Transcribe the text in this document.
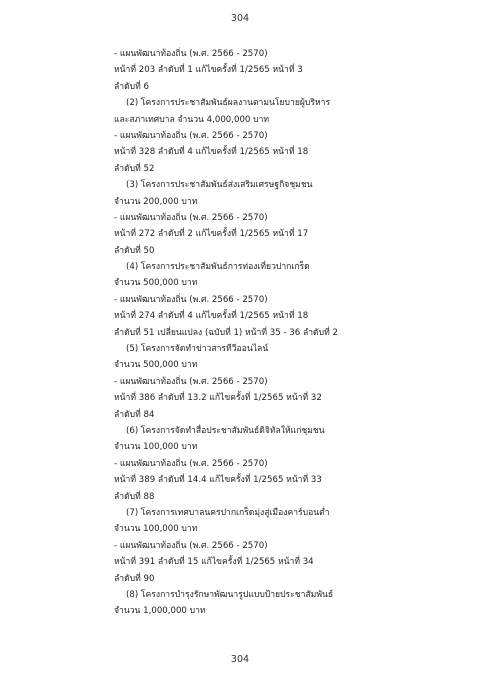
304
- แผนพัฒนาท้องถิ่น (พ.ศ. 2566 - 2570)
หน้าที่ 203 ลำดับที่ 1 แก้ไขครั้งที่ 1/2565 หน้าที่ 3
ลำดับที่ 6
(2) โครงการประชาสัมพันธ์ผลงานตามนโยบายผู้บริหาร
และสภาเทศบาล จำนวน 4,000,000 บาท
- แผนพัฒนาท้องถิ่น (พ.ศ. 2566 - 2570)
หน้าที่ 328 ลำดับที่ 4 แก้ไขครั้งที่ 1/2565 หน้าที่ 18
ลำดับที่ 52
(3) โครงการประชาสัมพันธ์ส่งเสริมเศรษฐกิจชุมชน
จำนวน 200,000 บาท
- แผนพัฒนาท้องถิ่น (พ.ศ. 2566 - 2570)
หน้าที่ 272 ลำดับที่ 2 แก้ไขครั้งที่ 1/2565 หน้าที่ 17
ลำดับที่ 50
(4) โครงการประชาสัมพันธ์การท่องเที่ยวปากเกร็ด
จำนวน 500,000 บาท
- แผนพัฒนาท้องถิ่น (พ.ศ. 2566 - 2570)
หน้าที่ 274 ลำดับที่ 4 แก้ไขครั้งที่ 1/2565 หน้าที่ 18
ลำดับที่ 51 เปลี่ยนแปลง (ฉบับที่ 1) หน้าที่ 35 - 36 ลำดับที่ 2
(5) โครงการจัดทำข่าวสารทีวีออนไลน์
จำนวน 500,000 บาท
- แผนพัฒนาท้องถิ่น (พ.ศ. 2566 - 2570)
หน้าที่ 386 ลำดับที่ 13.2 แก้ไขครั้งที่ 1/2565 หน้าที่ 32
ลำดับที่ 84
(6) โครงการจัดทำสื่อประชาสัมพันธ์ดิจิทัลให้แก่ชุมชน
จำนวน 100,000 บาท
- แผนพัฒนาท้องถิ่น (พ.ศ. 2566 - 2570)
หน้าที่ 389 ลำดับที่ 14.4 แก้ไขครั้งที่ 1/2565 หน้าที่ 33
ลำดับที่ 88
(7) โครงการเทศบาลนครปากเกร็ดมุ่งสู่เมืองคาร์บอนต่ำ
จำนวน 100,000 บาท
- แผนพัฒนาท้องถิ่น (พ.ศ. 2566 - 2570)
หน้าที่ 391 ลำดับที่ 15 แก้ไขครั้งที่ 1/2565 หน้าที่ 34
ลำดับที่ 90
(8) โครงการบำรุงรักษาพัฒนารูปแบบป้ายประชาสัมพันธ์
จำนวน 1,000,000 บาท
304
